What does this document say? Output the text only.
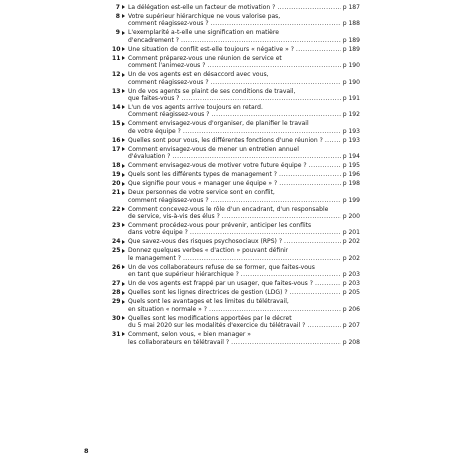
7 La délégation est-elle un facteur de motivation ? .....	p 187
8 Votre supérieur hiérarchique ne vous valorise pas,
comment réagissez-vous ? .....	p 188
9 L'exemplarité a-t-elle une signification en matière
d'encadrement ? .....	p 189
10 Une situation de conflit est-elle toujours « négative » ? .....	p 189
11 Comment préparez-vous une réunion de service et
comment l'animez-vous ? .....	p 190
12 Un de vos agents est en désaccord avec vous,
comment réagissez-vous ? .....	p 190
13 Un de vos agents se plaint de ses conditions de travail,
que faites-vous ? .....	p 191
14 L'un de vos agents arrive toujours en retard.
Comment réagissez-vous ? .....	p 192
15 Comment envisagez-vous d'organiser, de planifier le travail
de votre équipe ? .....	p 193
16 Quelles sont pour vous, les différentes fonctions d'une réunion ? .....	p 193
17 Comment envisagez-vous de mener un entretien annuel
d'évaluation ? .....	p 194
18 Comment envisagez-vous de motiver votre future équipe ? .....	p 195
19 Quels sont les différents types de management ? .....	p 196
20 Que signifie pour vous « manager une équipe » ? .....	p 198
21 Deux personnes de votre service sont en conflit,
comment réagissez-vous ? .....	p 199
22 Comment concevez-vous le rôle d'un encadrant, d'un responsable
de service, vis-à-vis des élus ? .....	p 200
23 Comment procédez-vous pour prévenir, anticiper les conflits
dans votre équipe ? .....	p 201
24 Que savez-vous des risques psychosociaux (RPS) ? .....	p 202
25 Donnez quelques verbes « d'action » pouvant définir
le management ? .....	p 202
26 Un de vos collaborateurs refuse de se former, que faites-vous
en tant que supérieur hiérarchique ? .....	p 203
27 Un de vos agents est frappé par un usager, que faites-vous ? .....	p 203
28 Quelles sont les lignes directrices de gestion (LDG) ? .....	p 205
29 Quels sont les avantages et les limites du télétravail,
en situation « normale » ? .....	p 206
30 Quelles sont les modifications apportées par le décret
du 5 mai 2020 sur les modalités d'exercice du télétravail ? .....	p 207
31 Comment, selon vous, « bien manager »
les collaborateurs en télétravail ? .....	p 208
8
